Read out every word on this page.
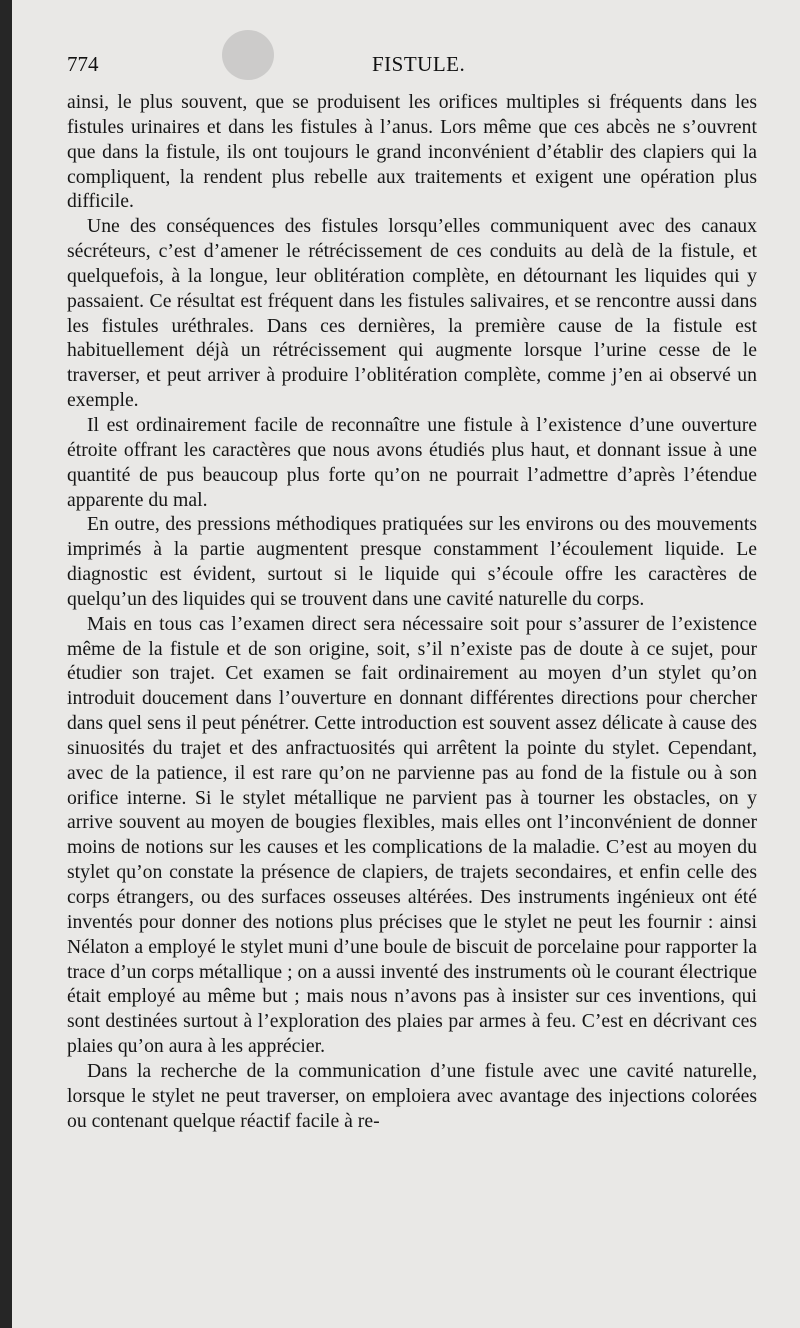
774	FISTULE.

ainsi, le plus souvent, que se produisent les orifices multiples si fréquents dans les fistules urinaires et dans les fistules à l’anus. Lors même que ces abcès ne s’ouvrent que dans la fistule, ils ont toujours le grand inconvénient d’établir des clapiers qui la compliquent, la rendent plus rebelle aux traitements et exigent une opération plus difficile.

Une des conséquences des fistules lorsqu’elles communiquent avec des canaux sécréteurs, c’est d’amener le rétrécissement de ces conduits au delà de la fistule, et quelquefois, à la longue, leur oblitération complète, en détournant les liquides qui y passaient. Ce résultat est fréquent dans les fistules salivaires, et se rencontre aussi dans les fistules uréthrales. Dans ces dernières, la première cause de la fistule est habituellement déjà un rétrécissement qui augmente lorsque l’urine cesse de le traverser, et peut arriver à produire l’oblitération complète, comme j’en ai observé un exemple.

Il est ordinairement facile de reconnaître une fistule à l’existence d’une ouverture étroite offrant les caractères que nous avons étudiés plus haut, et donnant issue à une quantité de pus beaucoup plus forte qu’on ne pourrait l’admettre d’après l’étendue apparente du mal.

En outre, des pressions méthodiques pratiquées sur les environs ou des mouvements imprimés à la partie augmentent presque constamment l’écoulement liquide. Le diagnostic est évident, surtout si le liquide qui s’écoule offre les caractères de quelqu’un des liquides qui se trouvent dans une cavité naturelle du corps.

Mais en tous cas l’examen direct sera nécessaire soit pour s’assurer de l’existence même de la fistule et de son origine, soit, s’il n’existe pas de doute à ce sujet, pour étudier son trajet. Cet examen se fait ordinairement au moyen d’un stylet qu’on introduit doucement dans l’ouverture en donnant différentes directions pour chercher dans quel sens il peut pénétrer. Cette introduction est souvent assez délicate à cause des sinuosités du trajet et des anfractuosités qui arrêtent la pointe du stylet. Cependant, avec de la patience, il est rare qu’on ne parvienne pas au fond de la fistule ou à son orifice interne. Si le stylet métallique ne parvient pas à tourner les obstacles, on y arrive souvent au moyen de bougies flexibles, mais elles ont l’inconvénient de donner moins de notions sur les causes et les complications de la maladie. C’est au moyen du stylet qu’on constate la présence de clapiers, de trajets secondaires, et enfin celle des corps étrangers, ou des surfaces osseuses altérées. Des instruments ingénieux ont été inventés pour donner des notions plus précises que le stylet ne peut les fournir : ainsi Nélaton a employé le stylet muni d’une boule de biscuit de porcelaine pour rapporter la trace d’un corps métallique ; on a aussi inventé des instruments où le courant électrique était employé au même but ; mais nous n’avons pas à insister sur ces inventions, qui sont destinées surtout à l’exploration des plaies par armes à feu. C’est en décrivant ces plaies qu’on aura à les apprécier.

Dans la recherche de la communication d’une fistule avec une cavité naturelle, lorsque le stylet ne peut traverser, on emploiera avec avantage des injections colorées ou contenant quelque réactif facile à re-
